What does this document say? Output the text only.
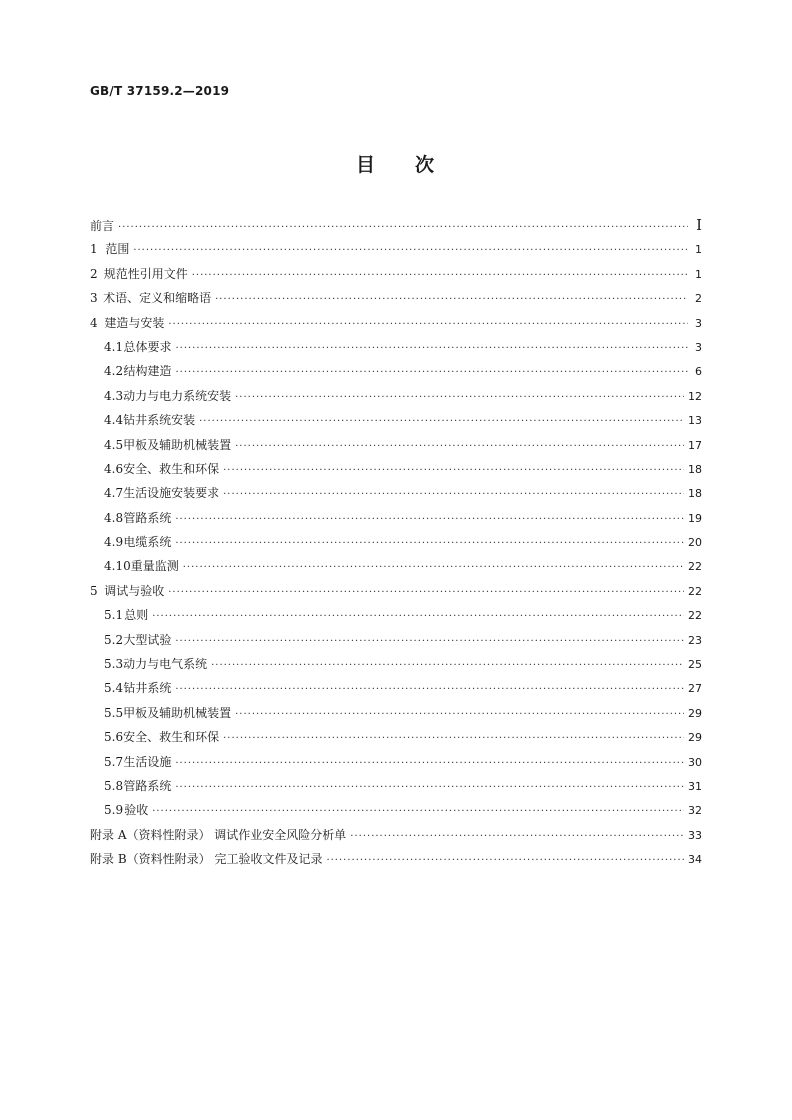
GB/T 37159.2—2019
目 次
前言 ·····	I
1 范围 ·····	1
2 规范性引用文件 ·····	1
3 术语、定义和缩略语 ·····	2
4 建造与安装 ·····	3
4.1 总体要求 ·····	3
4.2 结构建造 ·····	6
4.3 动力与电力系统安装 ·····	12
4.4 钻井系统安装 ·····	13
4.5 甲板及辅助机械装置 ·····	17
4.6 安全、救生和环保 ·····	18
4.7 生活设施安装要求 ·····	18
4.8 管路系统 ·····	19
4.9 电缆系统 ·····	20
4.10 重量监测 ·····	22
5 调试与验收 ·····	22
5.1 总则 ·····	22
5.2 大型试验 ·····	23
5.3 动力与电气系统 ·····	25
5.4 钻井系统 ·····	27
5.5 甲板及辅助机械装置 ·····	29
5.6 安全、救生和环保 ·····	29
5.7 生活设施 ·····	30
5.8 管路系统 ·····	31
5.9 验收 ·····	32
附录 A（资料性附录） 调试作业安全风险分析单 ·····	33
附录 B（资料性附录） 完工验收文件及记录 ·····	34
